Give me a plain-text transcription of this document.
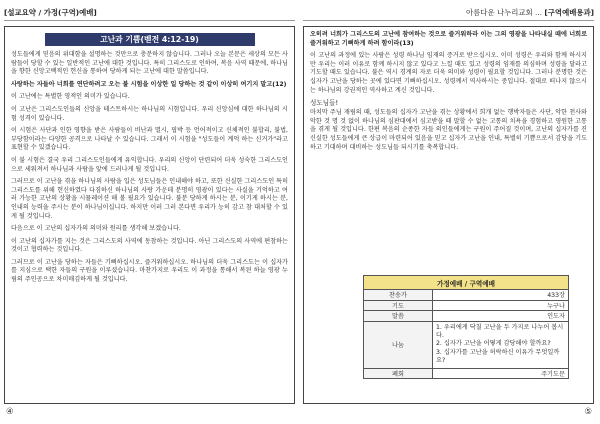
[설교요약 / 가정(구역)예배]
고난과 기쁨(벧전 4:12-19)

성도들에게 믿음의 위대함을 설명하는 것만으로 충분하지 않습니다. 그러나 오늘 본문은 세상의 모든 사람들이 당할 수 있는 일반적인 고난에 대한 것입니다. 특히 그리스도로 인하여, 복음 사역 때문에, 하나님을 향한 신앙고백적인 헌신을 통하여 당하게 되는 고난에 대한 말씀입니다.

사랑하는 자들아 너희를 연단하려고 오는 불 시험을 이상한 일 당하는 것 같이 이상히 여기지 말고(12)

이 고난에는 특별한 영적인 의미가 있습니다.

이 고난은 그리스도인들의 신앙을 테스트하시는 하나님의 시험입니다. 우리 신앙심에 대한 하나님의 시험 성격이 있습니다.

이 시험은 사단과 인한 영향을 받은 사람들이 비난과 멸시, 핍박 등 언어적이고 신체적인 불합리, 불법, 부당함이라는 다양한 공격으로 나타날 수 있습니다. 그래서 이 시험을 "성도들이 계억 하는 신거가"라고 표현할 수 있겠습니다.

이 불 시험은 결국 우리 그리스도인들에게 유익합니다. 우리의 신앙이 단련되어 더욱 성숙한 그리스도인으로 세워져서 하나님과 사람을 앞에 드러나게 될 것입니다.

그러므로 이 고난을 겪을 하나님의 사람을 입은 성도님들은 인내해야 하고, 또한 신실한 그리스도인 특히 그리스도를 위해 헌신하였다 다짐하신 하나님의 사랑 가운데 분명히 영광이 있다는 사실을 기억하고 여러 가능한 고난의 상황을 시뮬레이션 해 볼 필요가 있습니다. 불분 당하게 하시는 분, 이기게 하시는 분, 인내의 능력을 주시는 분이 하나님이십니다. 하지만 이러 그러 본다면 우리가 능히 감고 참 대처할 수 있게 될 것입니다.

다음으로 이 고난의 십자가의 의미와 원리를 생각해 보겠습니다.

이 고난의 십자가를 지는 것은 그리스도의 사역에 동참하는 것입니다. 아닌 그리스도의 사역에 편참하는 것이고 협력하는 것입니다.

그러므로 이 고난을 당하는 자들은 기뻐하십시오. 즐거워하십시오. 하나님의 더욱 그리스도는 이 십자가를 지심으로 택한 자들의 구원을 이루셨습니다. 마찬가지로 우리도 이 과정을 통해서 복된 하늘 영광 누림의 주인공으로 차미매김하게 될 것입니다.

④
아름다운 나누리교회 ... [구역예배용과]

오히려 너희가 그리스도의 고난에 참여하는 것으로 즐거워하라 이는 그의 영광을 나타내실 때에 너희로 즐거워하고 기뻐하게 하려 함이라(13)

이 고난의 과정에 있는 사람은 성령 하나님 임재의 증거로 받으십시오. 이미 성령은 우리와 함께 하시지만 우리는 이러 이유로 함께 하시지 않고 있다고 느낄 때도 있고 성령의 임재를 의심하며 성령을 달라고 기도할 때도 있습니다. 불은 역시 경계의 자로 더욱 의미와 성령이 필요할 것입니다. 그러나 분명한 것은 십자가 고난을 당하는 곳에 있다면 기뻐하십시오. 성령께서 역사하시는 중입니다. 절대로 떠나지 않으시는 하나님의 강권적인 역사하고 계신 것입니다.

성도님들!

마치막 주님 재림의 때, 성도들의 십자가 고난을 겪는 상황에서 희개 없는 행박자들은 사단, 악한 천사와 악한 것 명 것 없이 하나님의 심판대에서 심고받을 때 말할 수 없는 고통의 치욕을 경험하고 영원한 고통을 겪게 될 것입니다. 한편 복음의 순종한 자들 의인들에게는 구원이 주어질 것이며, 고난의 십자가를 진 신실한 성도들에게 큰 상급이 마련되어 있음을 믿고 십자가 고난을 인내, 특별히 기쁨으로서 감당을 기도하고 기대하며 대비하는 성도님들 되시기를 축복합니다.

가정예배 / 구역예배	
찬송가	433장
기도	누구나
말씀	인도자
나눔	1. 우리에게 닥칠 고난을 두 가지로 나누어 봅시다.
2. 십자가 고난을 어떻게 감당해야 할까요?
3. 십자가를 고난을 허락하신 이유가 무엇일까요?

폐회	주기도문
⑤
